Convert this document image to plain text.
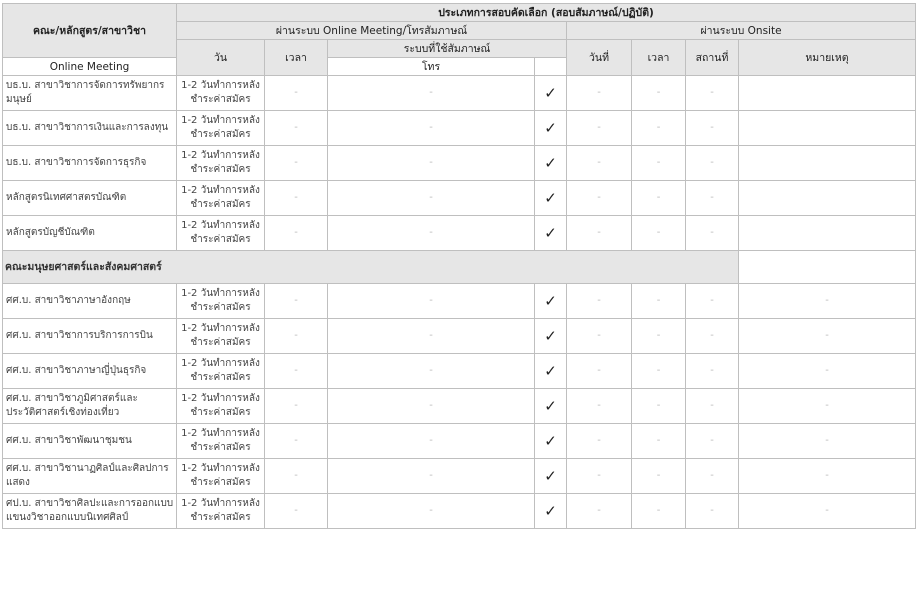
คณะ/หลักสูตร/สาขาวิชา	ประเภทการสอบคัดเลือก (สอบสัมภาษณ์/ปฏิบัติ)							
	ผ่านระบบ Online Meeting/โทรสัมภาษณ์				ผ่านระบบ Onsite			
	วัน	เวลา	ระบบที่ใช้สัมภาษณ์		วันที่	เวลา	สถานที่	หมายเหตุ
Online Meeting			โทร					
บธ.บ. สาขาวิชาการจัดการทรัพยากรมนุษย์	1-2 วันทำการหลังชำระค่าสมัคร	-	-	✓	-	-	-	
บธ.บ. สาขาวิชาการเงินและการลงทุน	1-2 วันทำการหลังชำระค่าสมัคร	-	-	✓	-	-	-	
บธ.บ. สาขาวิชาการจัดการธุรกิจ	1-2 วันทำการหลังชำระค่าสมัคร	-	-	✓	-	-	-	
หลักสูตรนิเทศศาสตรบัณฑิต	1-2 วันทำการหลังชำระค่าสมัคร	-	-	✓	-	-	-	
หลักสูตรบัญชีบัณฑิต	1-2 วันทำการหลังชำระค่าสมัคร	-	-	✓	-	-	-	
คณะมนุษยศาสตร์และสังคมศาสตร์								
ศศ.บ. สาขาวิชาภาษาอังกฤษ	1-2 วันทำการหลังชำระค่าสมัคร	-	-	✓	-	-	-	-
ศศ.บ. สาขาวิชาการบริการการบิน	1-2 วันทำการหลังชำระค่าสมัคร	-	-	✓	-	-	-	-
ศศ.บ. สาขาวิชาภาษาญี่ปุ่นธุรกิจ	1-2 วันทำการหลังชำระค่าสมัคร	-	-	✓	-	-	-	-
ศศ.บ. สาขาวิชาภูมิศาสตร์และประวัติศาสตร์เชิงท่องเที่ยว	1-2 วันทำการหลังชำระค่าสมัคร	-	-	✓	-	-	-	-
ศศ.บ. สาขาวิชาพัฒนาชุมชน	1-2 วันทำการหลังชำระค่าสมัคร	-	-	✓	-	-	-	-
ศศ.บ. สาขาวิชานาฏศิลป์และศิลปการแสดง	1-2 วันทำการหลังชำระค่าสมัคร	-	-	✓	-	-	-	-
ศป.บ. สาขาวิชาศิลปะและการออกแบบ แขนงวิชาออกแบบนิเทศศิลป์	1-2 วันทำการหลังชำระค่าสมัคร	-	-	✓	-	-	-	-
